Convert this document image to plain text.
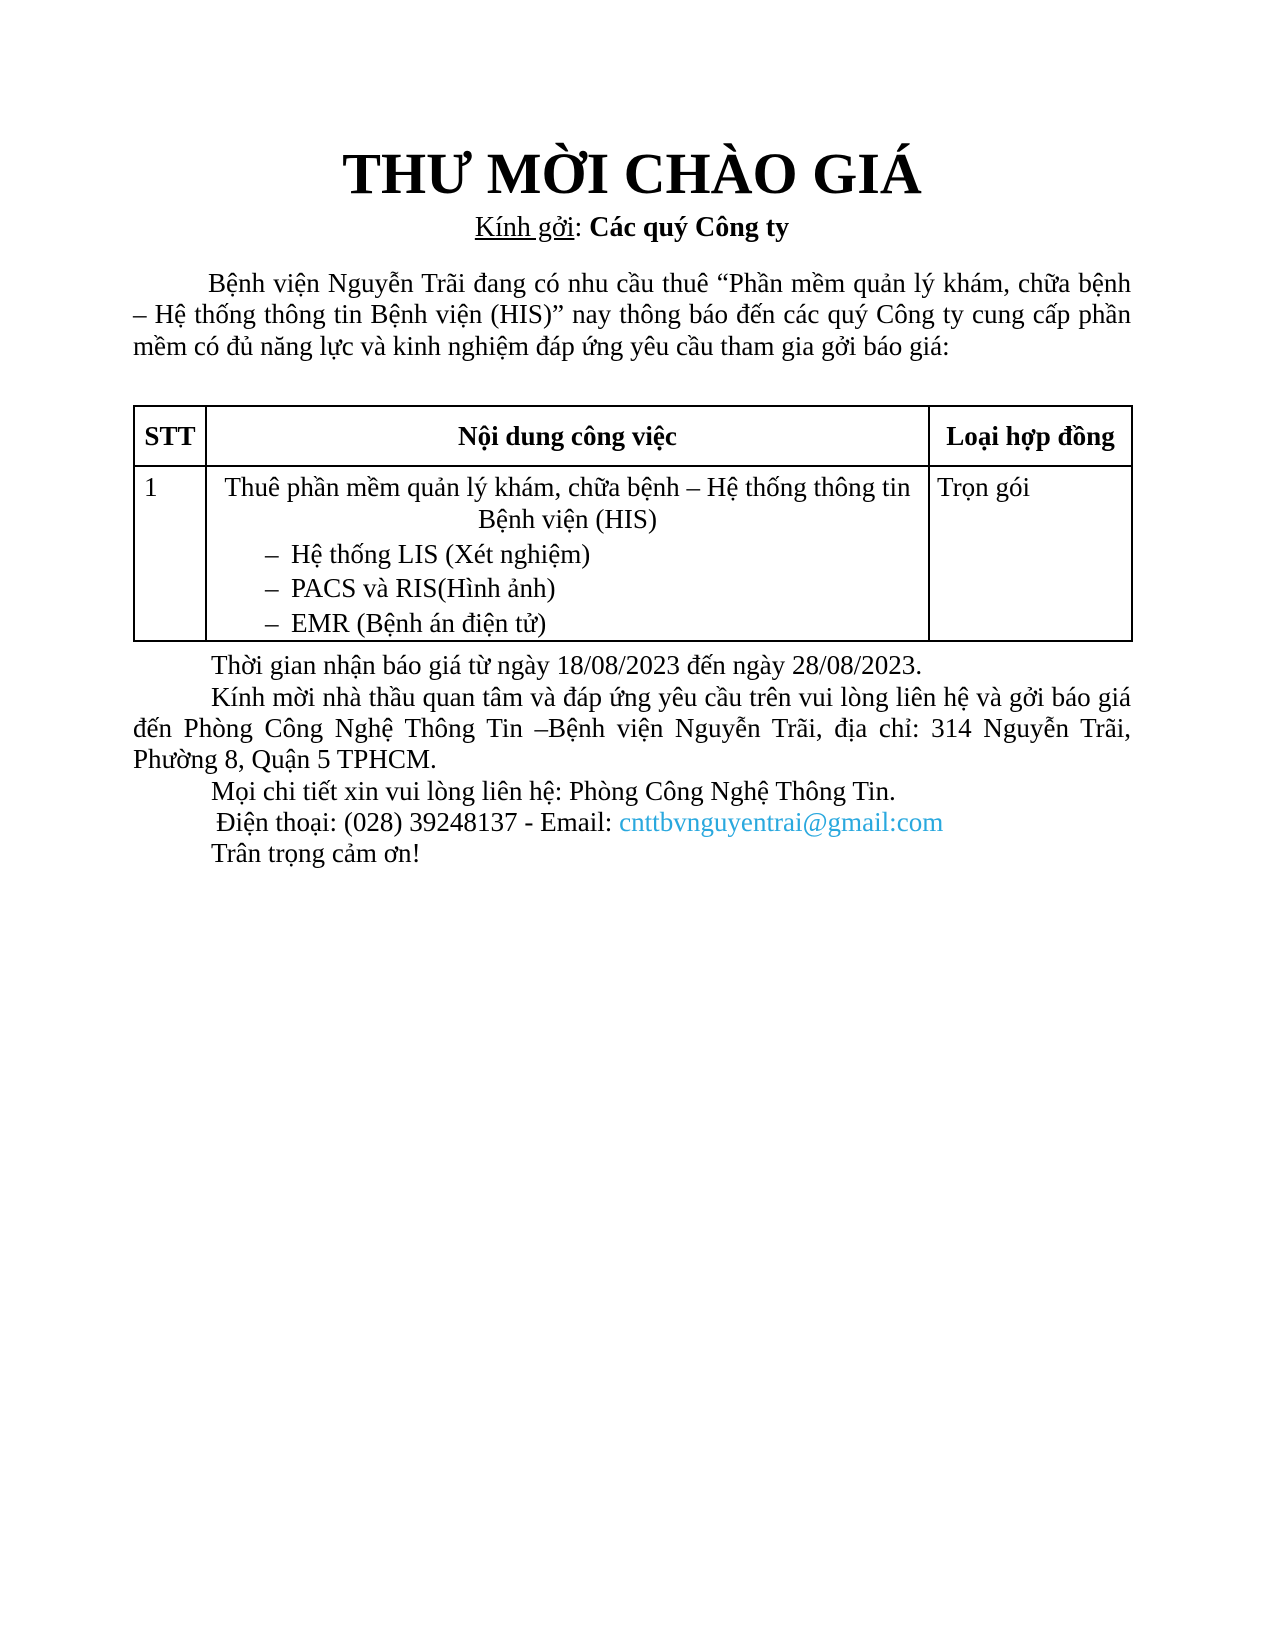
THƯ MỜI CHÀO GIÁ
Kính gởi: Các quý Công ty

Bệnh viện Nguyễn Trãi đang có nhu cầu thuê “Phần mềm quản lý khám, chữa bệnh – Hệ thống thông tin Bệnh viện (HIS)” nay thông báo đến các quý Công ty cung cấp phần mềm có đủ năng lực và kinh nghiệm đáp ứng yêu cầu tham gia gởi báo giá:

STT	Nội dung công việc	Loại hợp đồng
1	Thuê phần mềm quản lý khám, chữa bệnh – Hệ thống thông tin Bệnh viện (HIS)
– Hệ thống LIS (Xét nghiệm)
– PACS và RIS(Hình ảnh)
– EMR (Bệnh án điện tử)
	Trọn gói

Thời gian nhận báo giá từ ngày 18/08/2023 đến ngày 28/08/2023.

Kính mời nhà thầu quan tâm và đáp ứng yêu cầu trên vui lòng liên hệ và gởi báo giá đến Phòng Công Nghệ Thông Tin –Bệnh viện Nguyễn Trãi, địa chỉ: 314 Nguyễn Trãi, Phường 8, Quận 5 TPHCM.

Mọi chi tiết xin vui lòng liên hệ: Phòng Công Nghệ Thông Tin.

Điện thoại: (028) 39248137 - Email: cnttbvnguyentrai@gmail:com

Trân trọng cảm ơn!
